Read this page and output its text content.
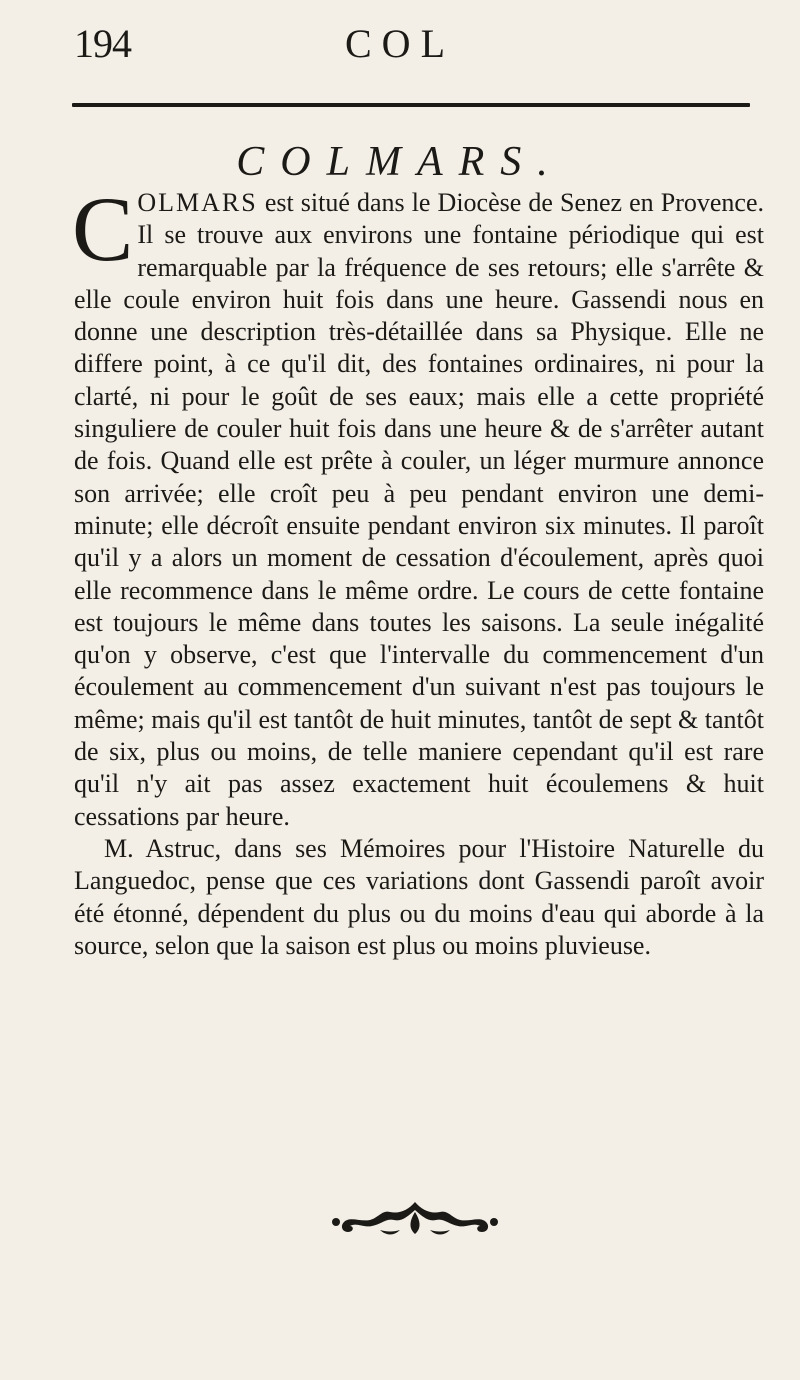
194	COL
COLMARS.

COLMARS est situé dans le Diocèse de Senez en Provence. Il se trouve aux environs une fontaine périodique qui est remarquable par la fréquence de ses retours; elle s'arrête & elle coule environ huit fois dans une heure. Gassendi nous en donne une description très-détaillée dans sa Physique. Elle ne differe point, à ce qu'il dit, des fontaines ordinaires, ni pour la clarté, ni pour le goût de ses eaux; mais elle a cette propriété singuliere de couler huit fois dans une heure & de s'arrêter autant de fois. Quand elle est prête à couler, un léger murmure annonce son arrivée; elle croît peu à peu pendant environ une demi-minute; elle décroît ensuite pendant environ six minutes. Il paroît qu'il y a alors un moment de cessation d'écoulement, après quoi elle recommence dans le même ordre. Le cours de cette fontaine est toujours le même dans toutes les saisons. La seule inégalité qu'on y observe, c'est que l'intervalle du commencement d'un écoulement au commencement d'un suivant n'est pas toujours le même; mais qu'il est tantôt de huit minutes, tantôt de sept & tantôt de six, plus ou moins, de telle maniere cependant qu'il est rare qu'il n'y ait pas assez exactement huit écoulemens & huit cessations par heure.

M. Astruc, dans ses Mémoires pour l'Histoire Naturelle du Languedoc, pense que ces variations dont Gassendi paroît avoir été étonné, dépendent du plus ou du moins d'eau qui aborde à la source, selon que la saison est plus ou moins pluvieuse.
